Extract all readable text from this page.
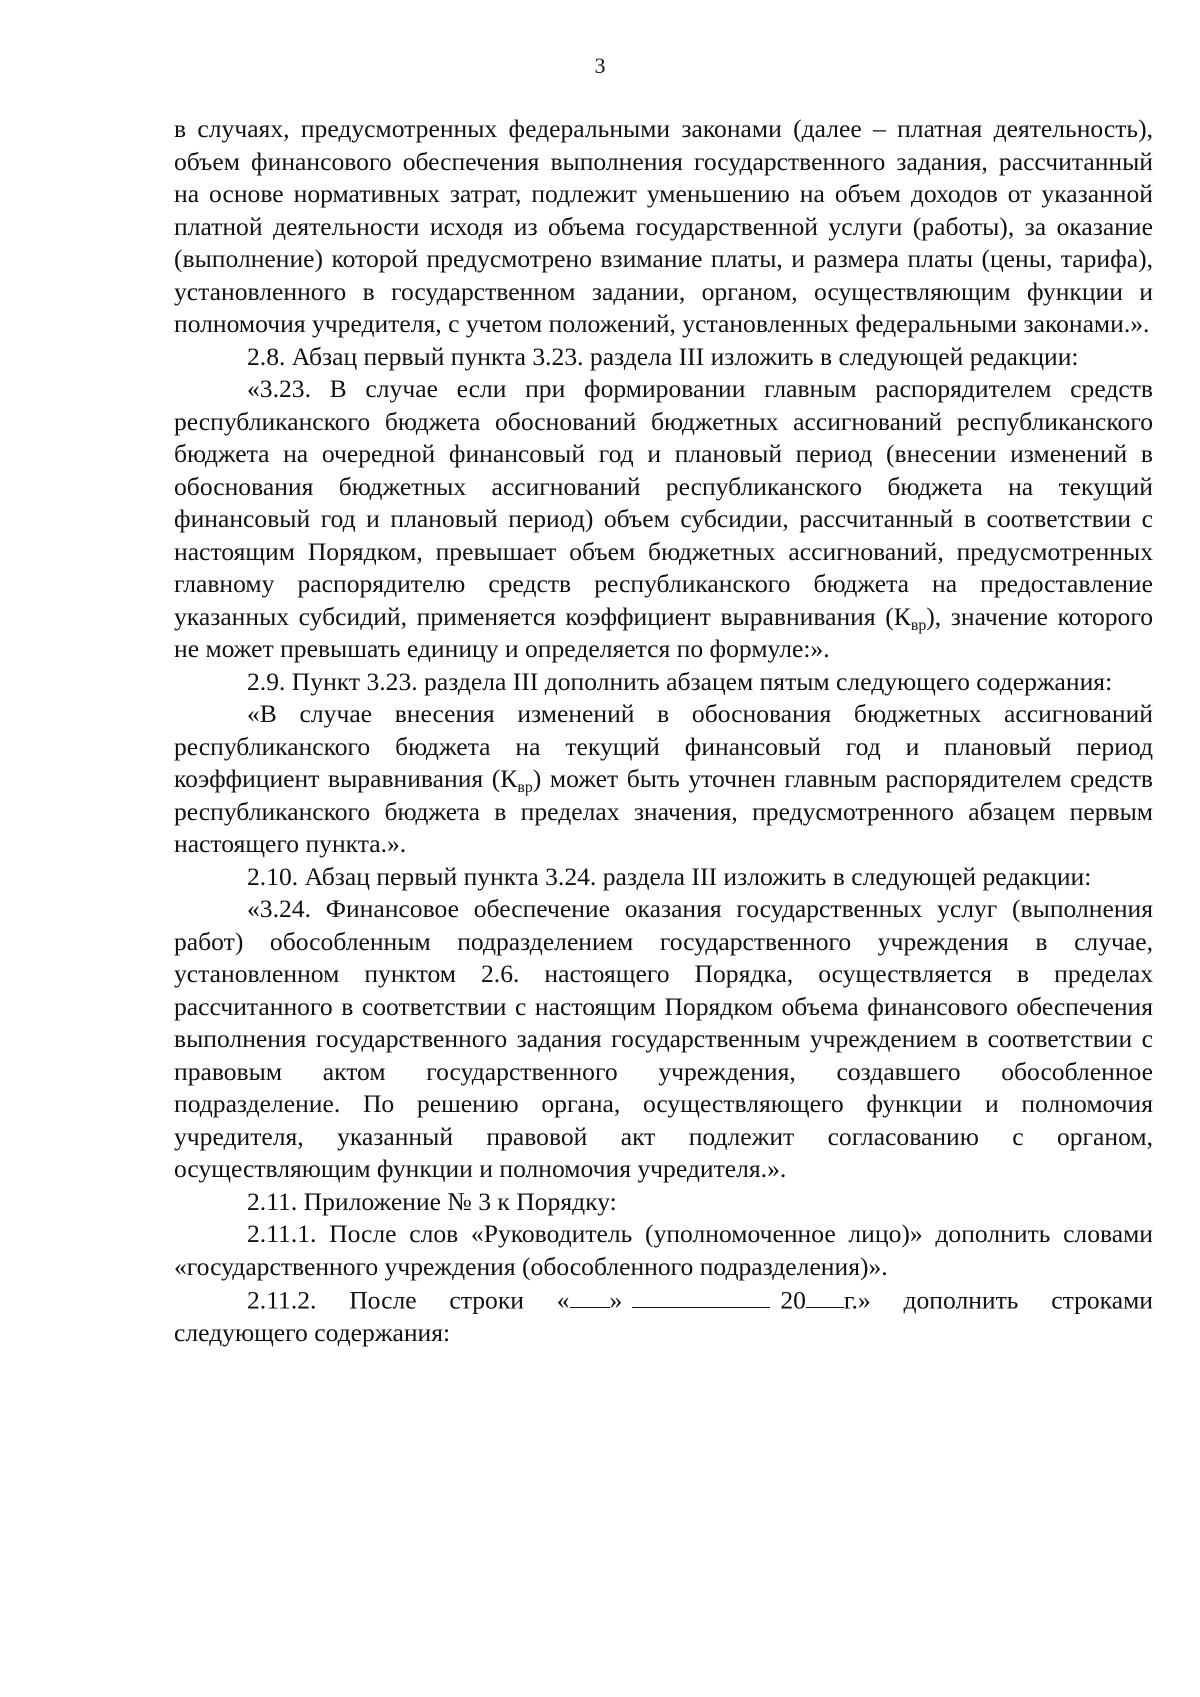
3

в случаях, предусмотренных федеральными законами (далее – платная деятельность), объем финансового обеспечения выполнения государственного задания, рассчитанный на основе нормативных затрат, подлежит уменьшению на объем доходов от указанной платной деятельности исходя из объема государственной услуги (работы), за оказание (выполнение) которой предусмотрено взимание платы, и размера платы (цены, тарифа), установленного в государственном задании, органом, осуществляющим функции и полномочия учредителя, с учетом положений, установленных федеральными законами.».

2.8. Абзац первый пункта 3.23. раздела III изложить в следующей редакции:

«3.23. В случае если при формировании главным распорядителем средств республиканского бюджета обоснований бюджетных ассигнований республиканского бюджета на очередной финансовый год и плановый период (внесении изменений в обоснования бюджетных ассигнований республиканского бюджета на текущий финансовый год и плановый период) объем субсидии, рассчитанный в соответствии с настоящим Порядком, превышает объем бюджетных ассигнований, предусмотренных главному распорядителю средств республиканского бюджета на предоставление указанных субсидий, применяется коэффициент выравнивания $(К_{вр})$, значение которого не может превышать единицу и определяется по формуле:».

2.9. Пункт 3.23. раздела III дополнить абзацем пятым следующего содержания:

«В случае внесения изменений в обоснования бюджетных ассигнований республиканского бюджета на текущий финансовый год и плановый период коэффициент выравнивания $(К_{вр})$ может быть уточнен главным распорядителем средств республиканского бюджета в пределах значения, предусмотренного абзацем первым настоящего пункта.».

2.10. Абзац первый пункта 3.24. раздела III изложить в следующей редакции:

«3.24. Финансовое обеспечение оказания государственных услуг (выполнения работ) обособленным подразделением государственного учреждения в случае, установленном пунктом 2.6. настоящего Порядка, осуществляется в пределах рассчитанного в соответствии с настоящим Порядком объема финансового обеспечения выполнения государственного задания государственным учреждением в соответствии с правовым актом государственного учреждения, создавшего обособленное подразделение. По решению органа, осуществляющего функции и полномочия учредителя, указанный правовой акт подлежит согласованию с органом, осуществляющим функции и полномочия учредителя.».

2.11. Приложение № 3 к Порядку:

2.11.1. После слов «Руководитель (уполномоченное лицо)» дополнить словами «государственного учреждения (обособленного подразделения)».

2.11.2. После строки « »	20 г.» дополнить строками следующего содержания:
